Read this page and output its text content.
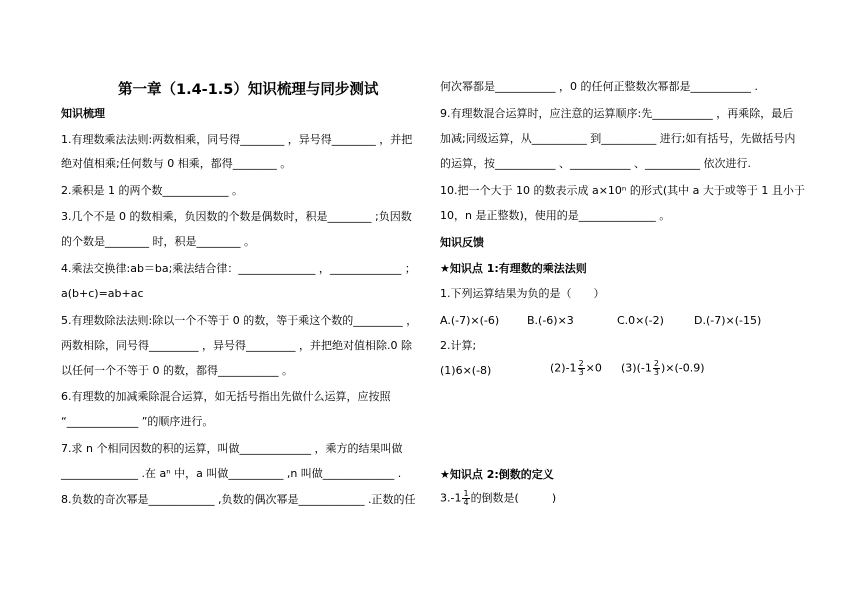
第一章（1.4-1.5）知识梳理与同步测试
知识梳理
1.有理数乘法法则:两数相乘，同号得________ ，异号得________ ，并把
绝对值相乘;任何数与 0 相乘，都得________ 。
2.乘积是 1 的两个数____________ 。
3.几个不是 0 的数相乘，负因数的个数是偶数时，积是________ ;负因数
的个数是________ 时，积是________ 。
4.乘法交换律:ab＝ba;乘法结合律：______________ ，_____________ ；
a(b+c)=ab+ac
5.有理数除法法则:除以一个不等于 0 的数，等于乘这个数的_________ ，
两数相除，同号得_________ ，异号得_________ ，并把绝对值相除.0 除
以任何一个不等于 0 的数，都得___________ 。
6.有理数的加减乘除混合运算，如无括号指出先做什么运算，应按照
“_____________ ”的顺序进行。
7.求 n 个相同因数的积的运算，叫做_____________ ，乘方的结果叫做
______________ .在 aⁿ 中，a 叫做__________ ,n 叫做_____________ .
8.负数的奇次幂是____________ ,负数的偶次幂是____________ .正数的任
何次幂都是___________ ，0 的任何正整数次幂都是___________ .
9.有理数混合运算时，应注意的运算顺序:先___________ ，再乘除，最后
加减;同级运算，从__________ 到__________ 进行;如有括号，先做括号内
的运算，按___________ 、___________ 、__________ 依次进行.
10.把一个大于 10 的数表示成 a×10ⁿ 的形式(其中 a 大于或等于 1 且小于
10，n 是正整数)，使用的是______________ 。
知识反馈
★知识点 1:有理数的乘法法则
1.下列运算结果为负的是（　　）
A.(-7)×(-6)	B.(-6)×3	C.0×(-2)	D.(-7)×(-15)
2.计算;
(1)6×(-8)	$(2)-1 \frac{2}{3} \times 0$ $(3)(-1 \frac{2}{3} )\times(-0.9)$
★知识点 2:倒数的定义
$3.-1 \frac{1}{4}$ 的倒数是(　　　)
